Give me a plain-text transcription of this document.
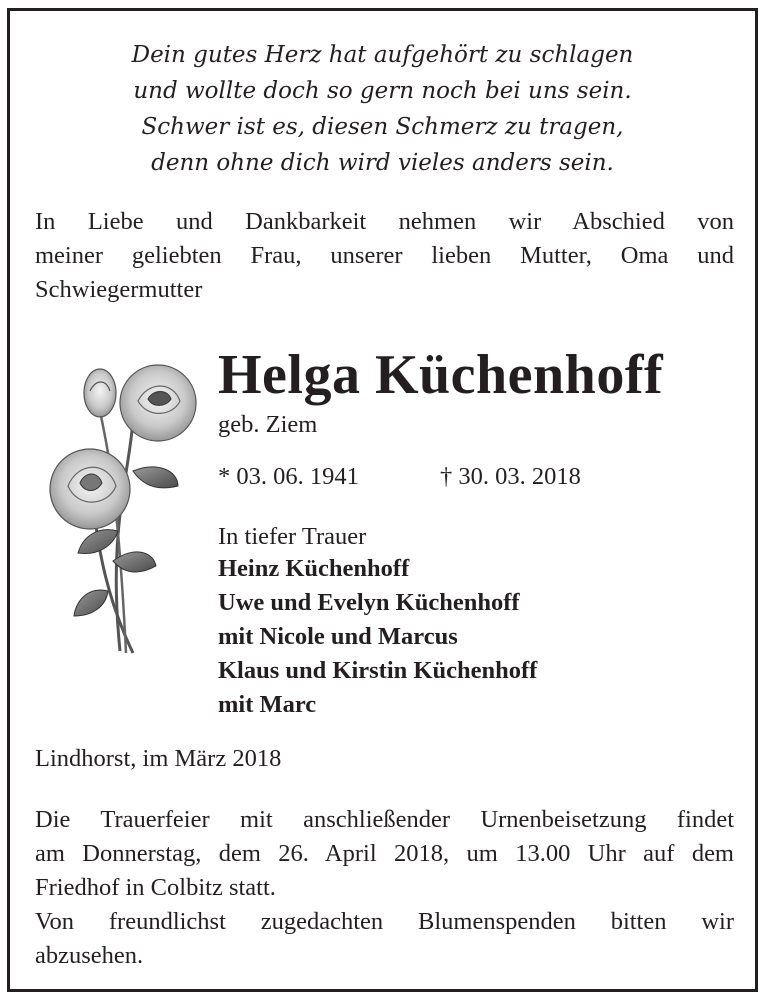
Dein gutes Herz hat aufgehört zu schlagen
und wollte doch so gern noch bei uns sein.
Schwer ist es, diesen Schmerz zu tragen,
denn ohne dich wird vieles anders sein.
In Liebe und Dankbarkeit nehmen wir Abschied von
meiner geliebten Frau, unserer lieben Mutter, Oma und
Schwiegermutter
Helga Küchenhoff
geb. Ziem
* 03. 06. 1941	† 30. 03. 2018
In tiefer Trauer
Heinz Küchenhoff
Uwe und Evelyn Küchenhoff
mit Nicole und Marcus
Klaus und Kirstin Küchenhoff
mit Marc
Lindhorst, im März 2018
Die Trauerfeier mit anschließender Urnenbeisetzung findet
am Donnerstag, dem 26. April 2018, um 13.00 Uhr auf dem
Friedhof in Colbitz statt.
Von freundlichst zugedachten Blumenspenden bitten wir
abzusehen.
